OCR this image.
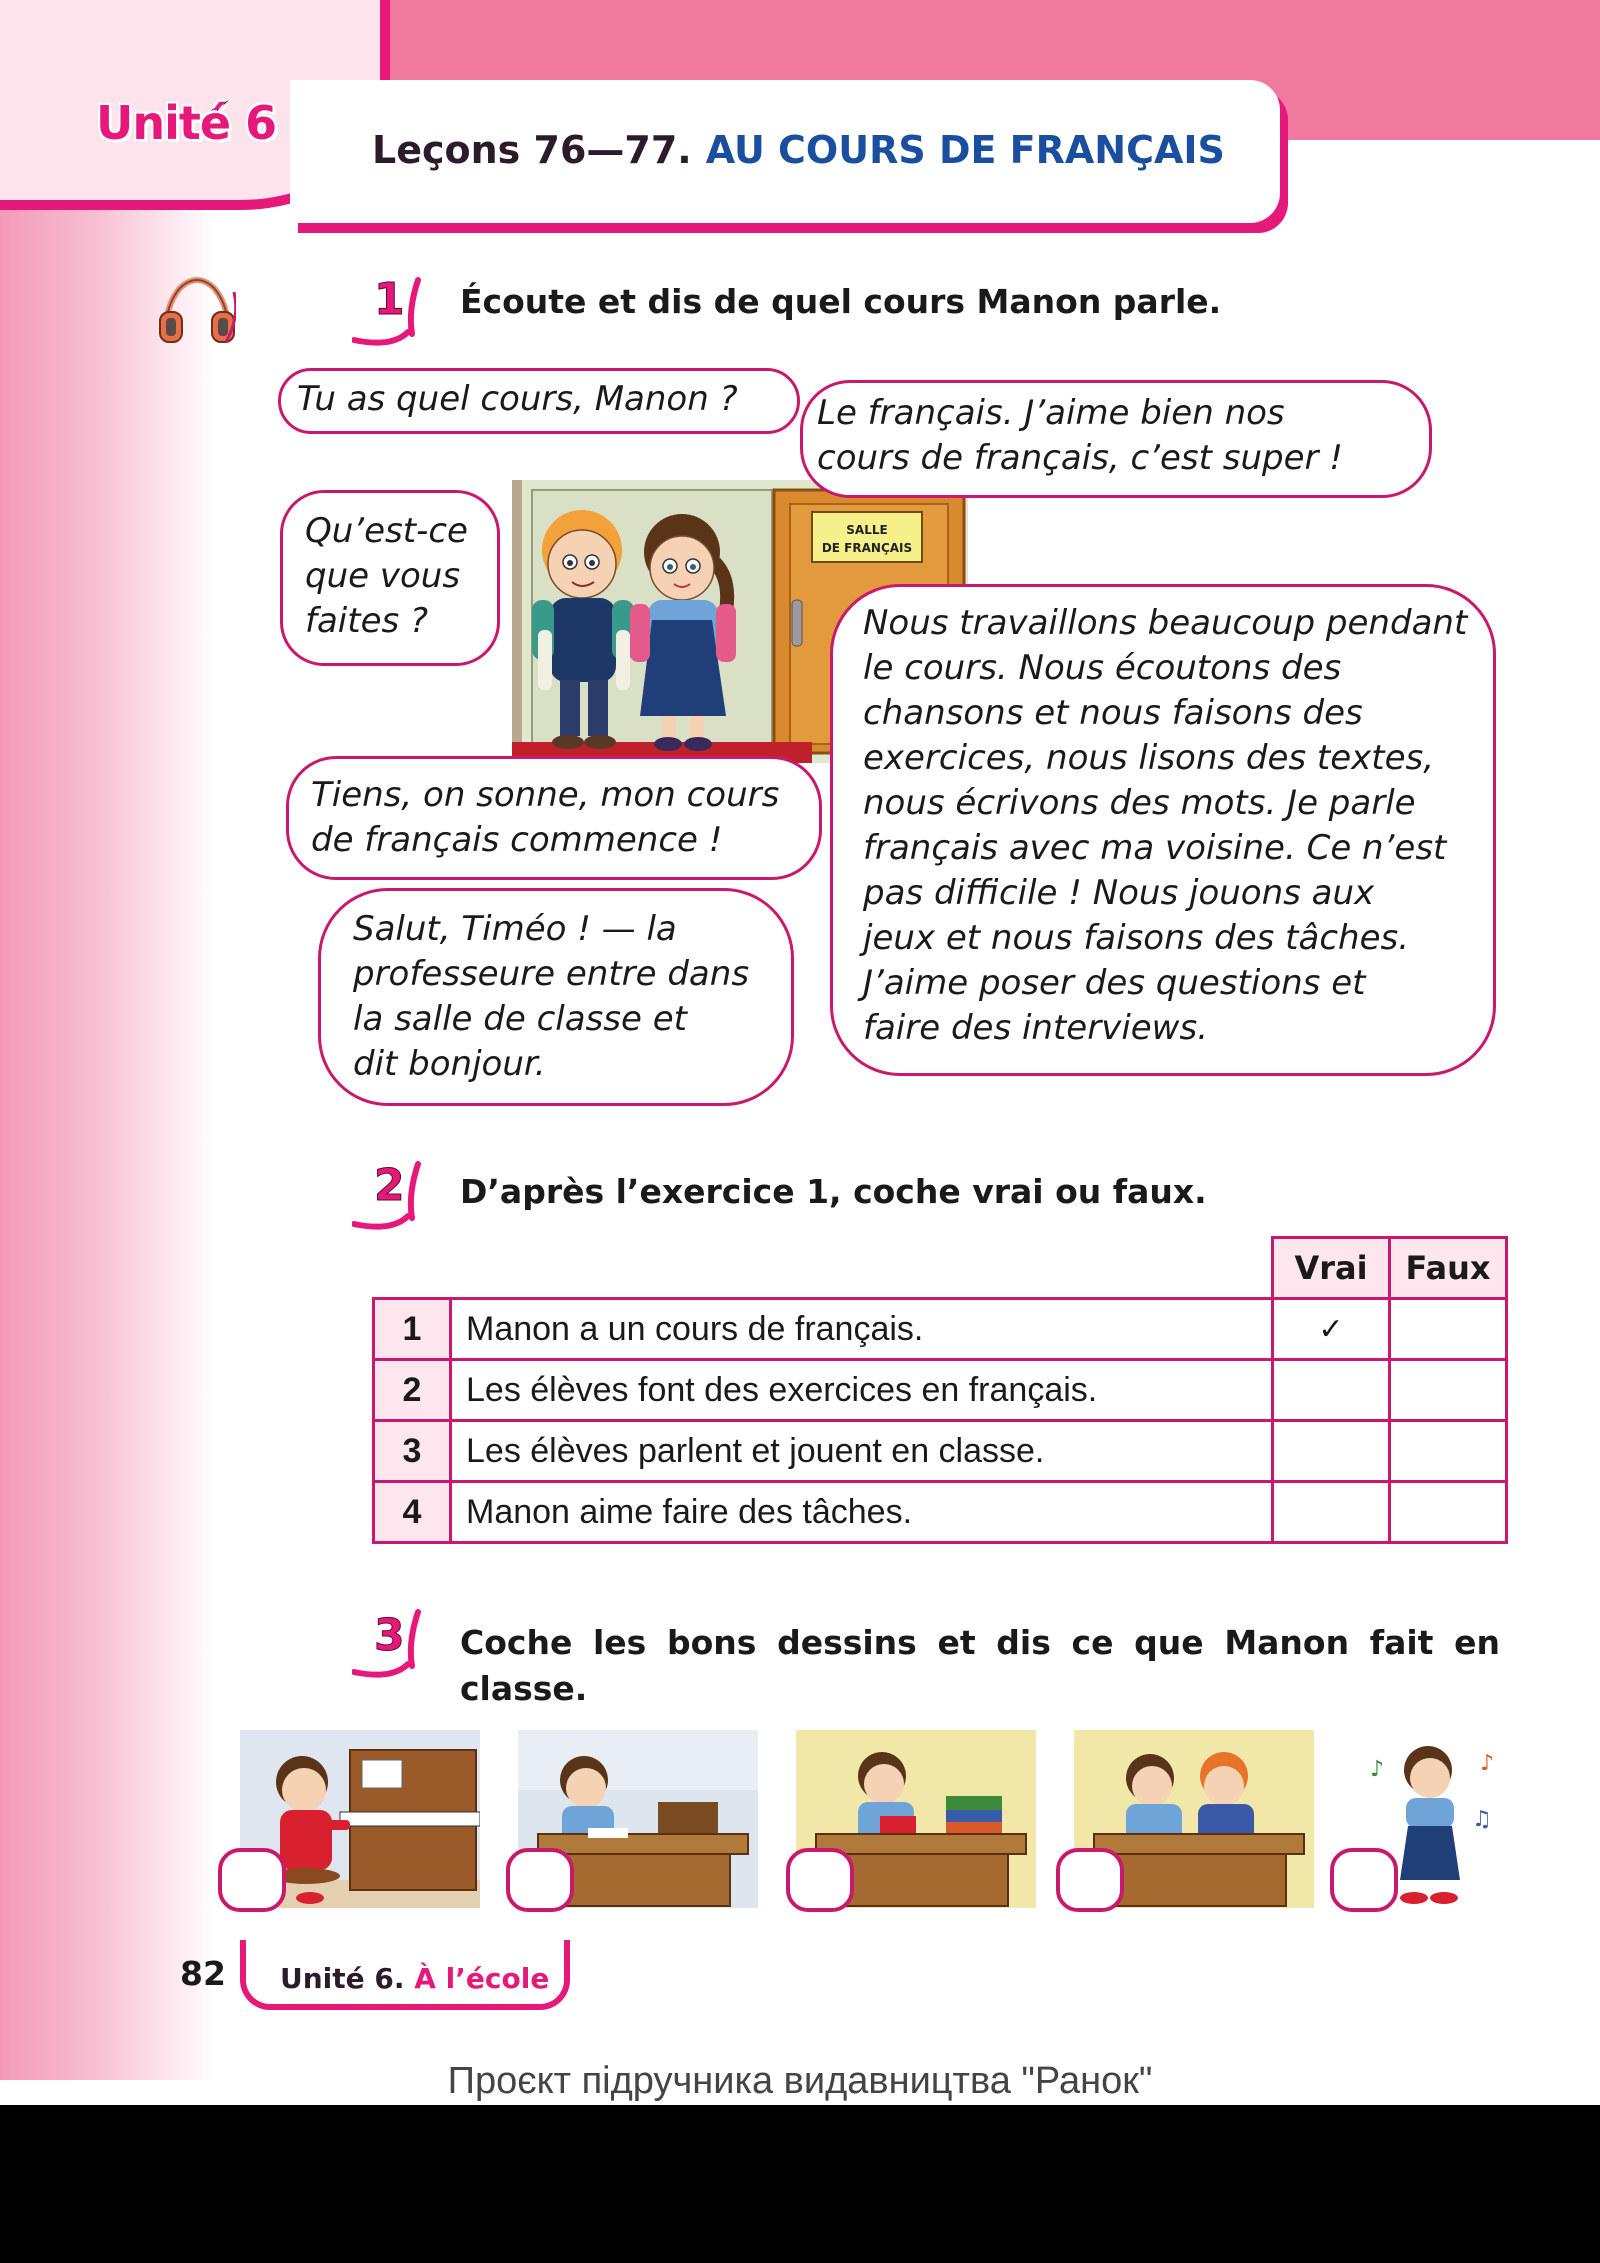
Unité 6	Leçons 76—77. AU COURS DE FRANÇAIS
1 Écoute et dis de quel cours Manon parle.
SALLE
DE FRANÇAIS
Tu as quel cours, Manon ?	Le français. J’aime bien nos
cours de français, c’est super !
Qu’est-ce
que vous
faites ?
Tiens, on sonne, mon cours
de français commence !
Salut, Timéo ! — la
professeure entre dans
la salle de classe et
dit bonjour.
Nous travaillons beaucoup pendant
le cours. Nous écoutons des
chansons et nous faisons des
exercices, nous lisons des textes,
nous écrivons des mots. Je parle
français avec ma voisine. Ce n’est
pas difficile ! Nous jouons aux
jeux et nous faisons des tâches.
J’aime poser des questions et
faire des interviews.
2 D’après l’exercice 1, coche vrai ou faux.
		Vrai	Faux
1	Manon a un cours de français.	✓	
2	Les élèves font des exercices en français.		
3	Les élèves parlent et jouent en classe.		
4	Manon aime faire des tâches.		
3 Coche les bons dessins et dis ce que Manon fait en classe.
♪	♪
♫
82 Unité 6. À l’école
Проєкт підручника видавництва "Ранок"
